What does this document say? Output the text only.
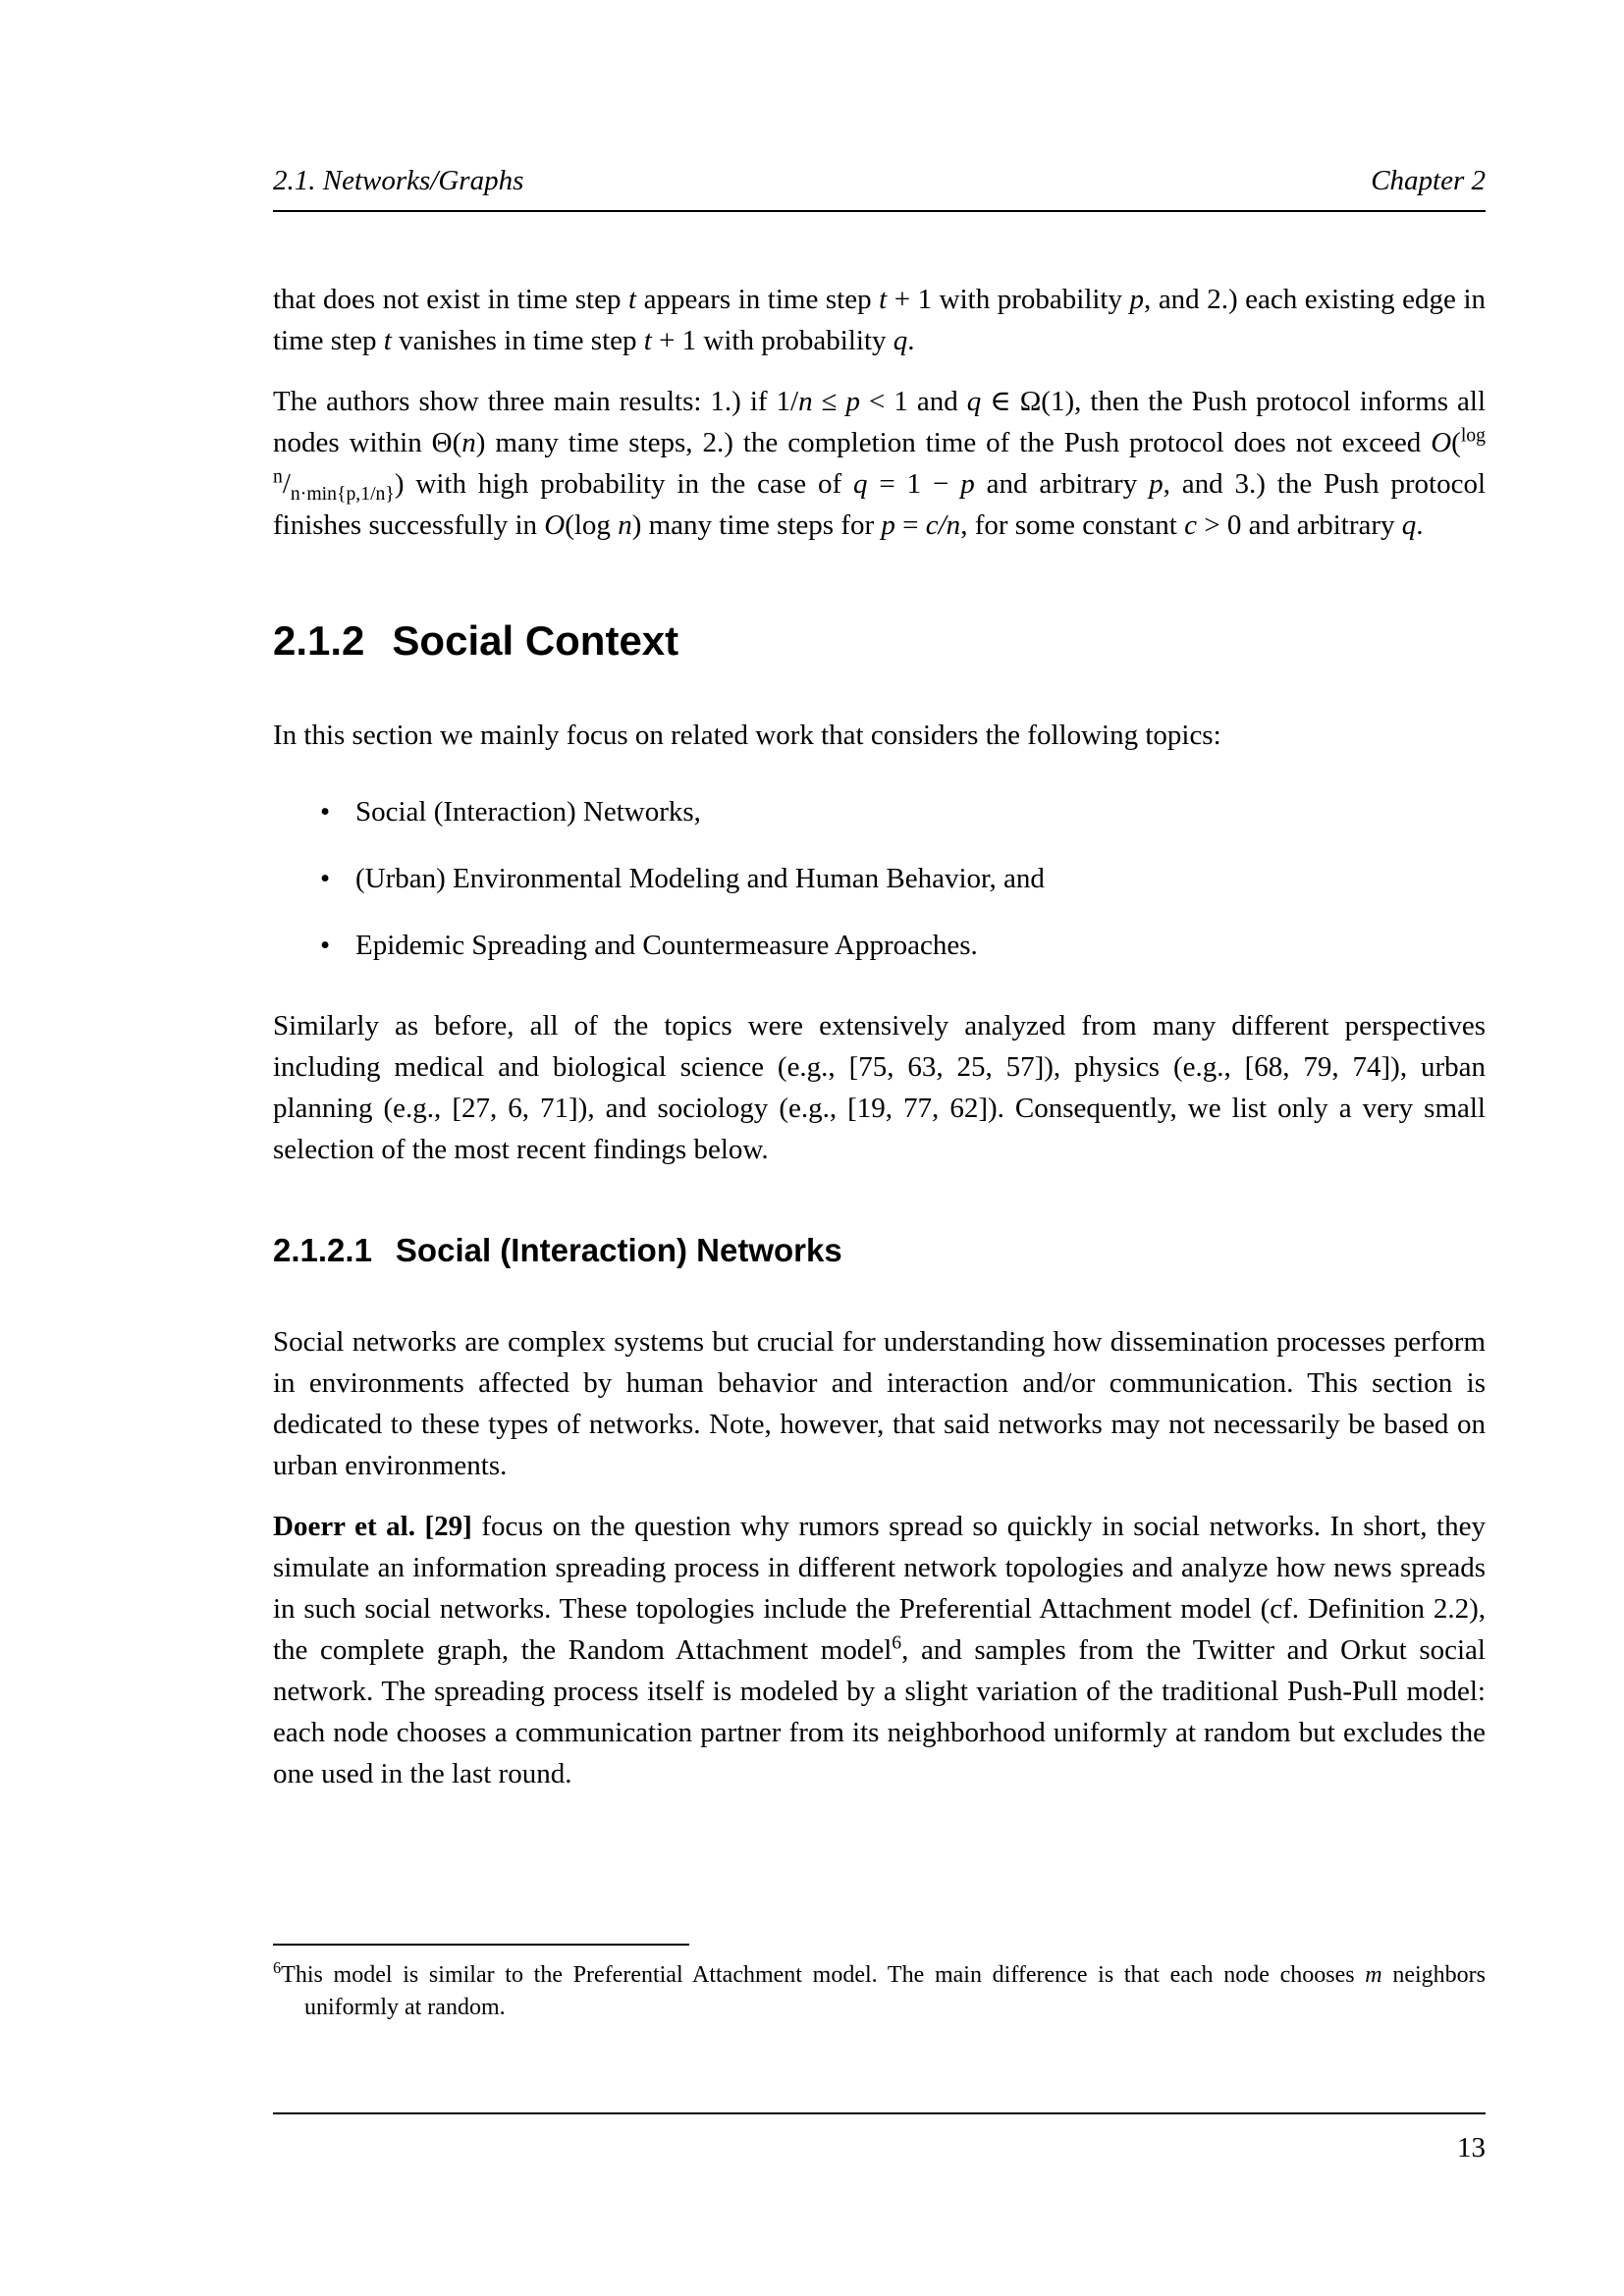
2.1. Networks/Graphs	Chapter 2

that does not exist in time step t appears in time step t + 1 with probability p, and 2.) each existing edge in time step t vanishes in time step t + 1 with probability q.

The authors show three main results: 1.) if 1/n ≤ p < 1 and q ∈ Ω(1), then the Push protocol informs all nodes within Θ(n) many time steps, 2.) the completion time of the Push protocol does not exceed $O(^{log n}/_{n\cdot min\{p,1/n\}})$ with high probability in the case of q = 1 − p and arbitrary p, and 3.) the Push protocol finishes successfully in O(log n) many time steps for p = c/n, for some constant c > 0 and arbitrary q.

2.1.2 Social Context

In this section we mainly focus on related work that considers the following topics:

• Social (Interaction) Networks,
• (Urban) Environmental Modeling and Human Behavior, and
• Epidemic Spreading and Countermeasure Approaches.

Similarly as before, all of the topics were extensively analyzed from many different perspectives including medical and biological science (e.g., [75, 63, 25, 57]), physics (e.g., [68, 79, 74]), urban planning (e.g., [27, 6, 71]), and sociology (e.g., [19, 77, 62]). Consequently, we list only a very small selection of the most recent findings below.

2.1.2.1 Social (Interaction) Networks

Social networks are complex systems but crucial for understanding how dissemination processes perform in environments affected by human behavior and interaction and/or communication. This section is dedicated to these types of networks. Note, however, that said networks may not necessarily be based on urban environments.

Doerr et al. [29] focus on the question why rumors spread so quickly in social networks. In short, they simulate an information spreading process in different network topologies and analyze how news spreads in such social networks. These topologies include the Preferential Attachment model (cf. Definition 2.2), the complete graph, the Random Attachment model$^6$, and samples from the Twitter and Orkut social network. The spreading process itself is modeled by a slight variation of the traditional Push-Pull model: each node chooses a communication partner from its neighborhood uniformly at random but excludes the one used in the last round.

$^6$This model is similar to the Preferential Attachment model. The main difference is that each node chooses m neighbors uniformly at random.

13
